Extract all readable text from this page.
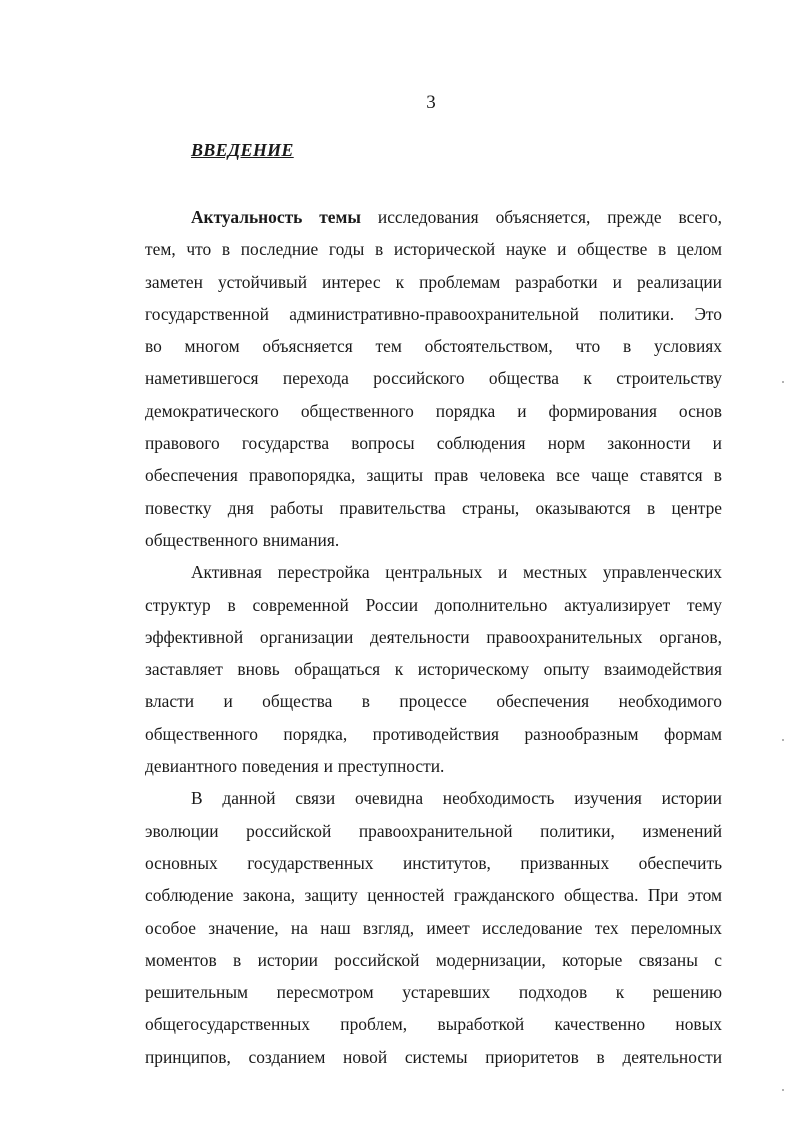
3
ВВЕДЕНИЕ

Актуальность темы исследования объясняется, прежде всего,
тем, что в последние годы в исторической науке и обществе в целом
заметен устойчивый интерес к проблемам разработки и реализации
государственной административно-правоохранительной политики. Это
во многом объясняется тем обстоятельством, что в условиях
наметившегося перехода российского общества к строительству
демократического общественного порядка и формирования основ
правового государства вопросы соблюдения норм законности и
обеспечения правопорядка, защиты прав человека все чаще ставятся в
повестку дня работы правительства страны, оказываются в центре
общественного внимания.

Активная перестройка центральных и местных управленческих
структур в современной России дополнительно актуализирует тему
эффективной организации деятельности правоохранительных органов,
заставляет вновь обращаться к историческому опыту взаимодействия
власти и общества в процессе обеспечения необходимого
общественного порядка, противодействия разнообразным формам
девиантного поведения и преступности.

В данной связи очевидна необходимость изучения истории
эволюции российской правоохранительной политики, изменений
основных государственных институтов, призванных обеспечить
соблюдение закона, защиту ценностей гражданского общества. При этом
особое значение, на наш взгляд, имеет исследование тех переломных
моментов в истории российской модернизации, которые связаны с
решительным пересмотром устаревших подходов к решению
общегосударственных проблем, выработкой качественно новых
принципов, созданием новой системы приоритетов в деятельности
